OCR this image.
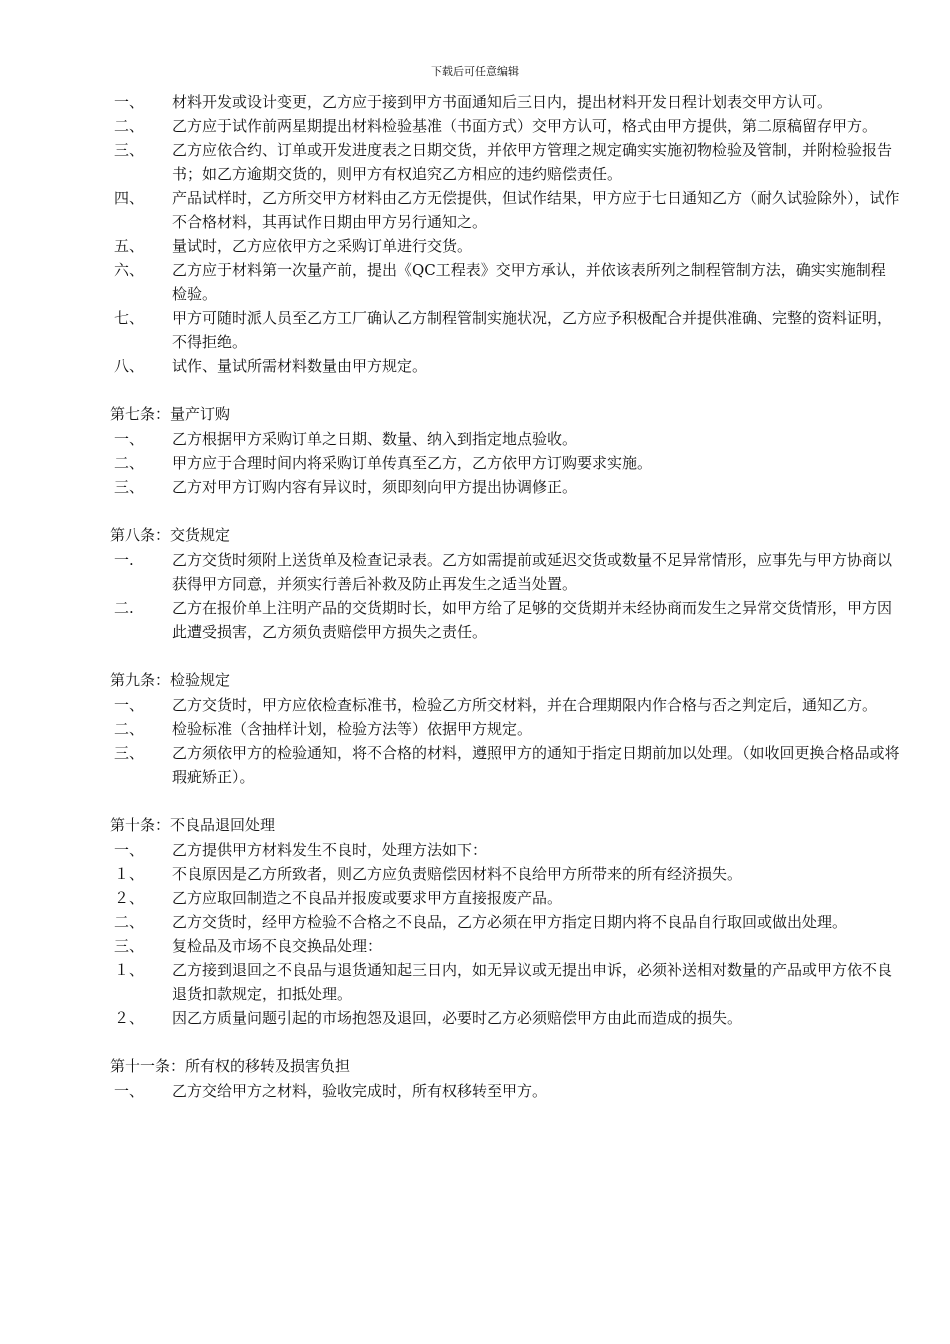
下载后可任意编辑
一、	材料开发或设计变更，乙方应于接到甲方书面通知后三日内，提出材料开发日程计划表交甲方认可。
二、	乙方应于试作前两星期提出材料检验基准（书面方式）交甲方认可，格式由甲方提供，第二原稿留存甲方。
三、	乙方应依合约、订单或开发进度表之日期交货，并依甲方管理之规定确实实施初物检验及管制，并附检验报告书；如乙方逾期交货的，则甲方有权追究乙方相应的违约赔偿责任。
四、	产品试样时，乙方所交甲方材料由乙方无偿提供，但试作结果，甲方应于七日通知乙方（耐久试验除外），试作不合格材料，其再试作日期由甲方另行通知之。
五、	量试时，乙方应依甲方之采购订单进行交货。
六、	乙方应于材料第一次量产前，提出《QC工程表》交甲方承认，并依该表所列之制程管制方法，确实实施制程检验。
七、	甲方可随时派人员至乙方工厂确认乙方制程管制实施状况，乙方应予积极配合并提供准确、完整的资料证明，不得拒绝。
八、	试作、量试所需材料数量由甲方规定。
第七条：量产订购
一、	乙方根据甲方采购订单之日期、数量、纳入到指定地点验收。
二、	甲方应于合理时间内将采购订单传真至乙方，乙方依甲方订购要求实施。
三、	乙方对甲方订购内容有异议时，须即刻向甲方提出协调修正。
第八条：交货规定
一.	乙方交货时须附上送货单及检查记录表。乙方如需提前或延迟交货或数量不足异常情形，应事先与甲方协商以获得甲方同意，并须实行善后补救及防止再发生之适当处置。
二.	乙方在报价单上注明产品的交货期时长，如甲方给了足够的交货期并未经协商而发生之异常交货情形，甲方因此遭受损害，乙方须负责赔偿甲方损失之责任。
第九条：检验规定
一、	乙方交货时，甲方应依检查标准书，检验乙方所交材料，并在合理期限内作合格与否之判定后，通知乙方。
二、	检验标准（含抽样计划，检验方法等）依据甲方规定。
三、	乙方须依甲方的检验通知，将不合格的材料，遵照甲方的通知于指定日期前加以处理。（如收回更换合格品或将瑕疵矫正）。
第十条：不良品退回处理
一、	乙方提供甲方材料发生不良时，处理方法如下：
１、	不良原因是乙方所致者，则乙方应负责赔偿因材料不良给甲方所带来的所有经济损失。
２、	乙方应取回制造之不良品并报废或要求甲方直接报废产品。
二、	乙方交货时，经甲方检验不合格之不良品，乙方必须在甲方指定日期内将不良品自行取回或做出处理。
三、	复检品及市场不良交换品处理：
１、	乙方接到退回之不良品与退货通知起三日内，如无异议或无提出申诉，必须补送相对数量的产品或甲方依不良退货扣款规定，扣抵处理。
２、	因乙方质量问题引起的市场抱怨及退回，必要时乙方必须赔偿甲方由此而造成的损失。
第十一条：所有权的移转及损害负担
一、	乙方交给甲方之材料，验收完成时，所有权移转至甲方。
